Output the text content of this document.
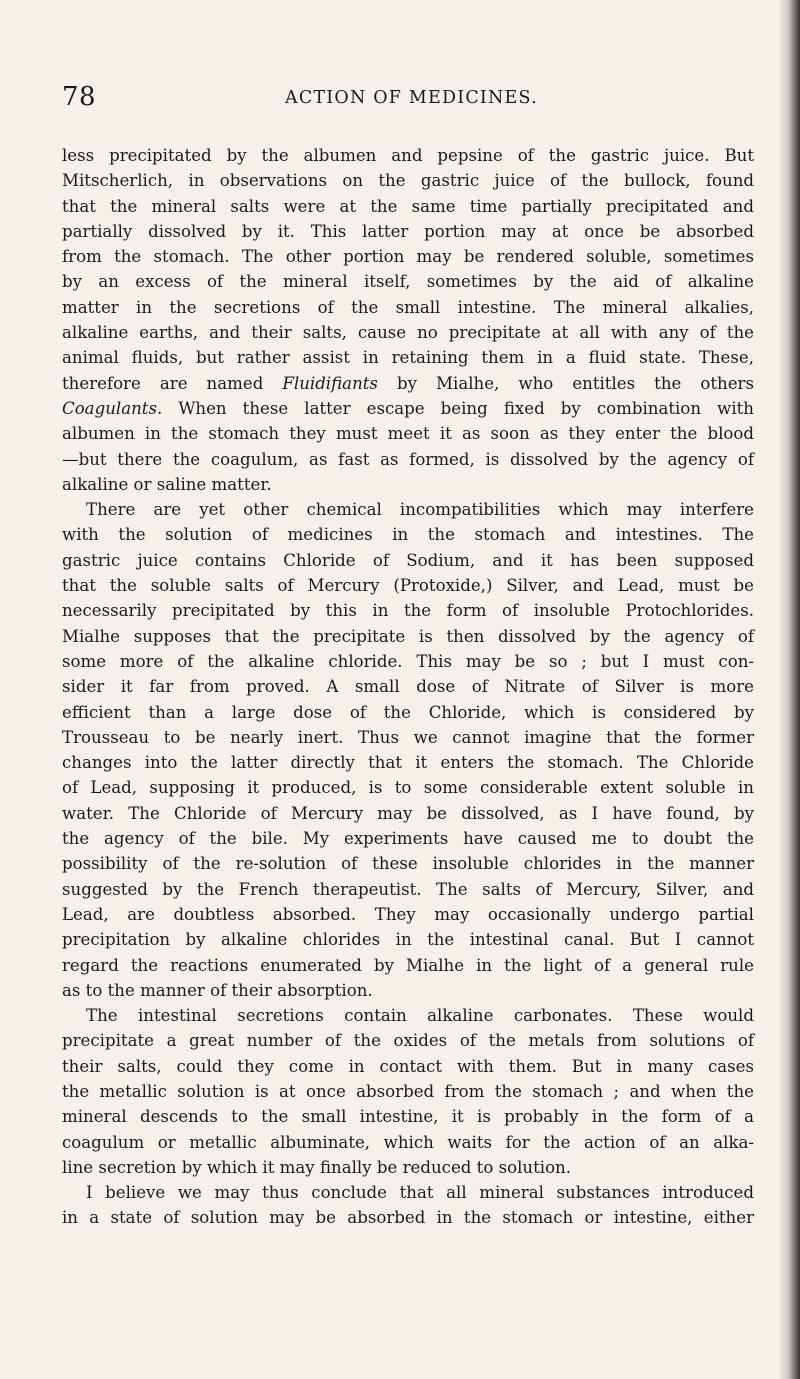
78	ACTION OF MEDICINES.
less precipitated by the albumen and pepsine of the gastric juice. But
Mitscherlich, in observations on the gastric juice of the bullock, found
that the mineral salts were at the same time partially precipitated and
partially dissolved by it. This latter portion may at once be absorbed
from the stomach. The other portion may be rendered soluble, sometimes
by an excess of the mineral itself, sometimes by the aid of alkaline
matter in the secretions of the small intestine. The mineral alkalies,
alkaline earths, and their salts, cause no precipitate at all with any of the
animal fluids, but rather assist in retaining them in a fluid state. These,
therefore are named Fluidifiants by Mialhe, who entitles the others
Coagulants. When these latter escape being fixed by combination with
albumen in the stomach they must meet it as soon as they enter the blood
—but there the coagulum, as fast as formed, is dissolved by the agency of
alkaline or saline matter.
There are yet other chemical incompatibilities which may interfere
with the solution of medicines in the stomach and intestines. The
gastric juice contains Chloride of Sodium, and it has been supposed
that the soluble salts of Mercury (Protoxide,) Silver, and Lead, must be
necessarily precipitated by this in the form of insoluble Protochlorides.
Mialhe supposes that the precipitate is then dissolved by the agency of
some more of the alkaline chloride. This may be so ; but I must con-
sider it far from proved. A small dose of Nitrate of Silver is more
efficient than a large dose of the Chloride, which is considered by
Trousseau to be nearly inert. Thus we cannot imagine that the former
changes into the latter directly that it enters the stomach. The Chloride
of Lead, supposing it produced, is to some considerable extent soluble in
water. The Chloride of Mercury may be dissolved, as I have found, by
the agency of the bile. My experiments have caused me to doubt the
possibility of the re-solution of these insoluble chlorides in the manner
suggested by the French therapeutist. The salts of Mercury, Silver, and
Lead, are doubtless absorbed. They may occasionally undergo partial
precipitation by alkaline chlorides in the intestinal canal. But I cannot
regard the reactions enumerated by Mialhe in the light of a general rule
as to the manner of their absorption.
The intestinal secretions contain alkaline carbonates. These would
precipitate a great number of the oxides of the metals from solutions of
their salts, could they come in contact with them. But in many cases
the metallic solution is at once absorbed from the stomach ; and when the
mineral descends to the small intestine, it is probably in the form of a
coagulum or metallic albuminate, which waits for the action of an alka-
line secretion by which it may finally be reduced to solution.
I believe we may thus conclude that all mineral substances introduced
in a state of solution may be absorbed in the stomach or intestine, either
